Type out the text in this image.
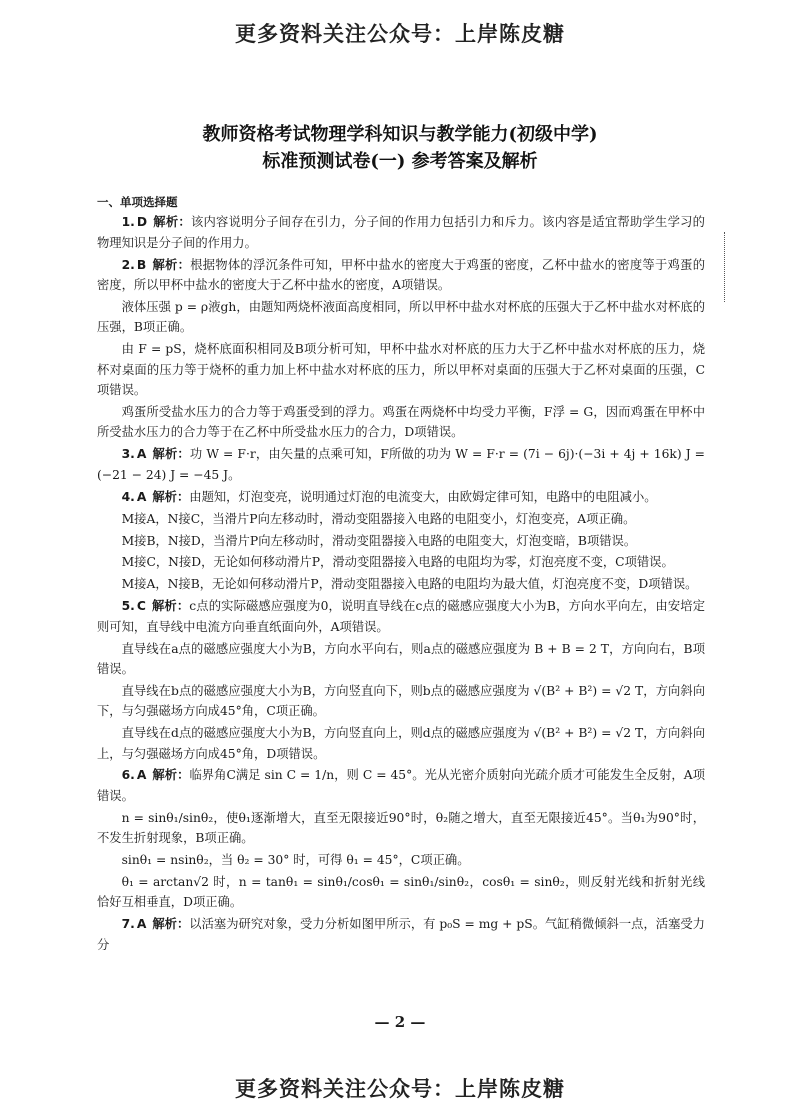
更多资料关注公众号：上岸陈皮糖
教师资格考试物理学科知识与教学能力(初级中学)
标准预测试卷(一) 参考答案及解析

一、单项选择题

1. D 解析：该内容说明分子间存在引力，分子间的作用力包括引力和斥力。该内容是适宜帮助学生学习的物理知识是分子间的作用力。

2. B 解析：根据物体的浮沉条件可知，甲杯中盐水的密度大于鸡蛋的密度，乙杯中盐水的密度等于鸡蛋的密度，所以甲杯中盐水的密度大于乙杯中盐水的密度，A项错误。

液体压强 p = ρ液gh，由题知两烧杯液面高度相同，所以甲杯中盐水对杯底的压强大于乙杯中盐水对杯底的压强，B项正确。

由 F = pS，烧杯底面积相同及B项分析可知，甲杯中盐水对杯底的压力大于乙杯中盐水对杯底的压力，烧杯对桌面的压力等于烧杯的重力加上杯中盐水对杯底的压力，所以甲杯对桌面的压强大于乙杯对桌面的压强，C项错误。

鸡蛋所受盐水压力的合力等于鸡蛋受到的浮力。鸡蛋在两烧杯中均受力平衡，F浮 = G，因而鸡蛋在甲杯中所受盐水压力的合力等于在乙杯中所受盐水压力的合力，D项错误。

3. A 解析：功 W = F·r，由矢量的点乘可知，F所做的功为 W = F·r = (7i − 6j)·(−3i + 4j + 16k) J = (−21 − 24) J = −45 J。

4. A 解析：由题知，灯泡变亮，说明通过灯泡的电流变大，由欧姆定律可知，电路中的电阻减小。

M接A，N接C，当滑片P向左移动时，滑动变阻器接入电路的电阻变小，灯泡变亮，A项正确。

M接B，N接D，当滑片P向左移动时，滑动变阻器接入电路的电阻变大，灯泡变暗，B项错误。

M接C，N接D，无论如何移动滑片P，滑动变阻器接入电路的电阻均为零，灯泡亮度不变，C项错误。

M接A，N接B，无论如何移动滑片P，滑动变阻器接入电路的电阻均为最大值，灯泡亮度不变，D项错误。

5. C 解析：c点的实际磁感应强度为0，说明直导线在c点的磁感应强度大小为B，方向水平向左，由安培定则可知，直导线中电流方向垂直纸面向外，A项错误。

直导线在a点的磁感应强度大小为B，方向水平向右，则a点的磁感应强度为 B + B = 2 T，方向向右，B项错误。

直导线在b点的磁感应强度大小为B，方向竖直向下，则b点的磁感应强度为 √(B² + B²) = √2 T，方向斜向下，与匀强磁场方向成45°角，C项正确。

直导线在d点的磁感应强度大小为B，方向竖直向上，则d点的磁感应强度为 √(B² + B²) = √2 T，方向斜向上，与匀强磁场方向成45°角，D项错误。

6. A 解析：临界角C满足 sin C = 1/n，则 C = 45°。光从光密介质射向光疏介质才可能发生全反射，A项错误。

n = sinθ₁/sinθ₂，使θ₁逐渐增大，直至无限接近90°时，θ₂随之增大，直至无限接近45°。当θ₁为90°时，不发生折射现象，B项正确。

sinθ₁ = nsinθ₂，当 θ₂ = 30° 时，可得 θ₁ = 45°，C项正确。

θ₁ = arctan√2 时，n = tanθ₁ = sinθ₁/cosθ₁ = sinθ₁/sinθ₂，cosθ₁ = sinθ₂，则反射光线和折射光线恰好互相垂直，D项正确。

7. A 解析：以活塞为研究对象，受力分析如图甲所示，有 p₀S = mg + pS。气缸稍微倾斜一点，活塞受力分

— 2 —
更多资料关注公众号：上岸陈皮糖
